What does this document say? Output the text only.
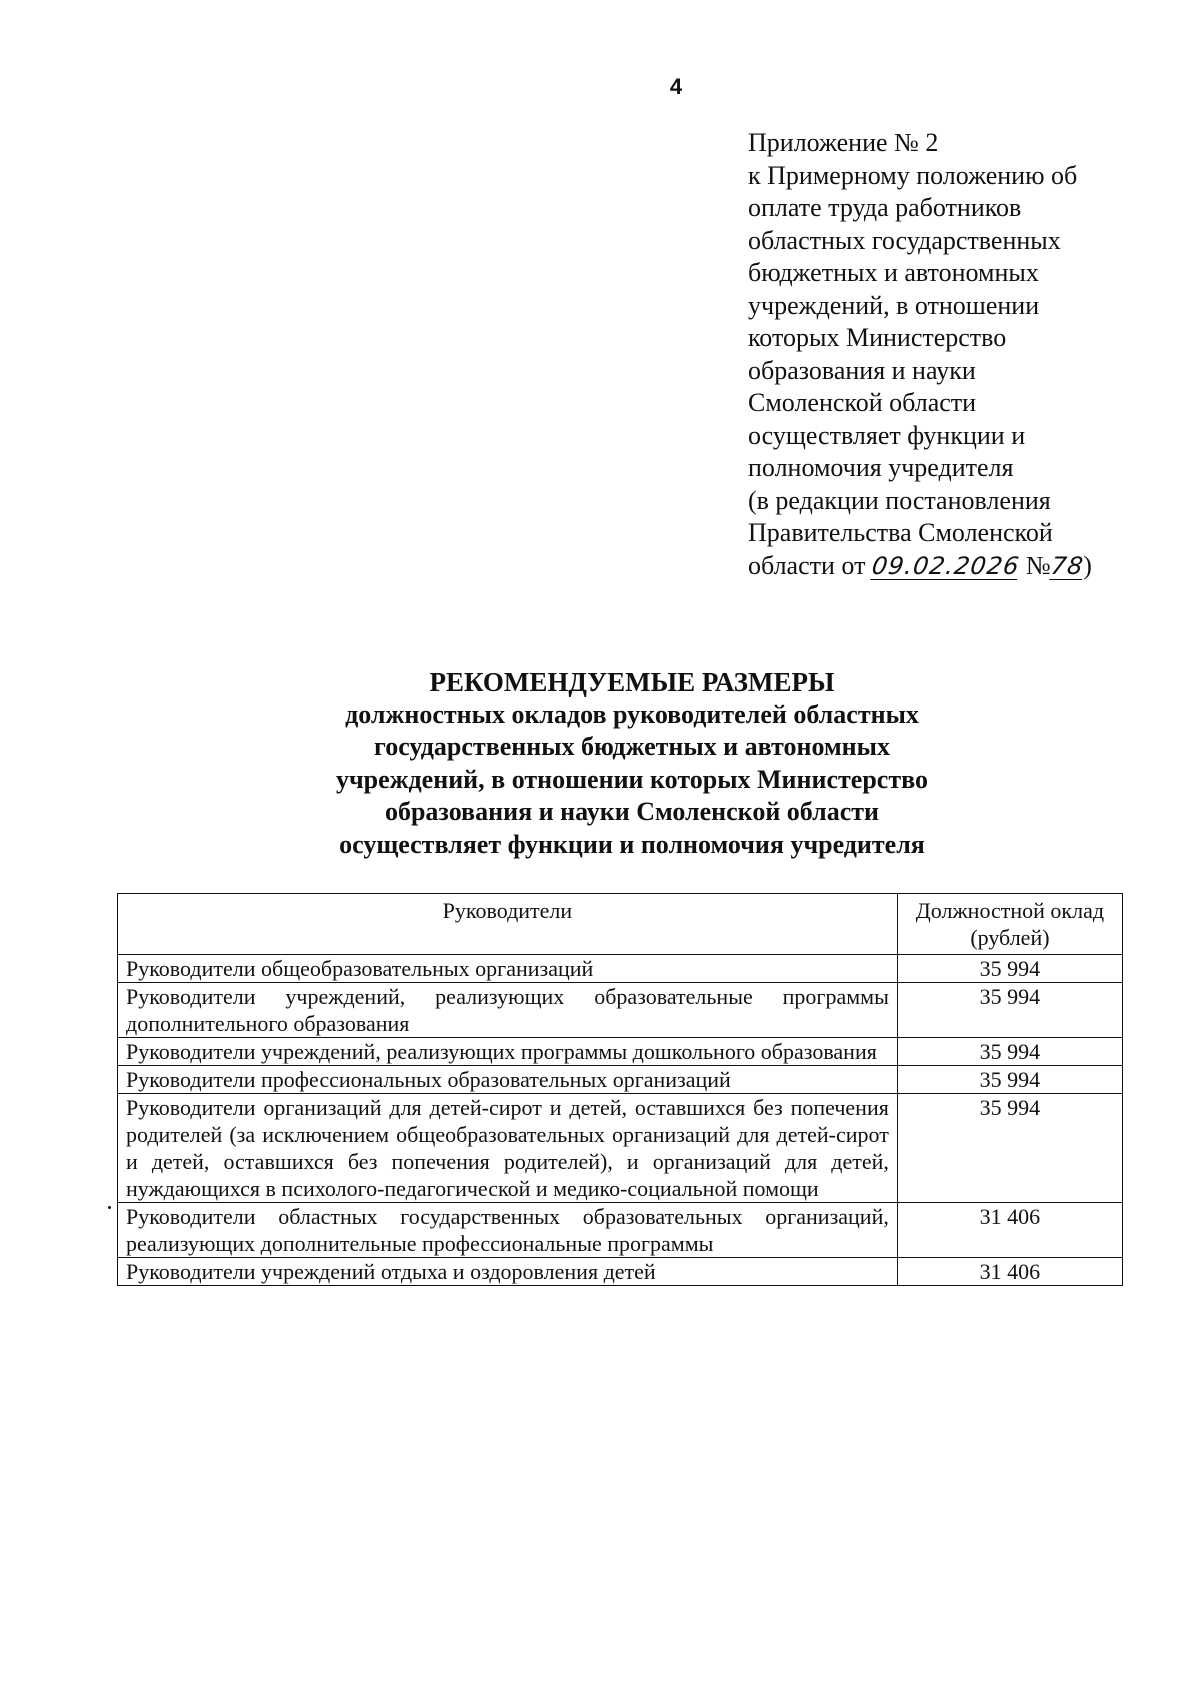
4
Приложение № 2
к Примерному положению об
оплате труда работников
областных государственных
бюджетных и автономных
учреждений, в отношении
которых Министерство
образования и науки
Смоленской области
осуществляет функции и
полномочия учредителя
(в редакции постановления
Правительства Смоленской
области от 09.02.2026 №78)
РЕКОМЕНДУЕМЫЕ РАЗМЕРЫ
должностных окладов руководителей областных
государственных бюджетных и автономных
учреждений, в отношении которых Министерство
образования и науки Смоленской области
осуществляет функции и полномочия учредителя
Руководители	Должностной оклад (рублей)
Руководители общеобразовательных организаций	35 994
Руководители учреждений, реализующих образовательные программы дополнительного образования	35 994
Руководители учреждений, реализующих программы дошкольного образования	35 994
Руководители профессиональных образовательных организаций	35 994
Руководители организаций для детей-сирот и детей, оставшихся без попечения родителей (за исключением общеобразовательных организаций для детей-сирот и детей, оставшихся без попечения родителей), и организаций для детей, нуждающихся в психолого-педагогической и медико-социальной помощи	35 994
Руководители областных государственных образовательных организаций, реализующих дополнительные профессиональные программы	31 406
Руководители учреждений отдыха и оздоровления детей	31 406
